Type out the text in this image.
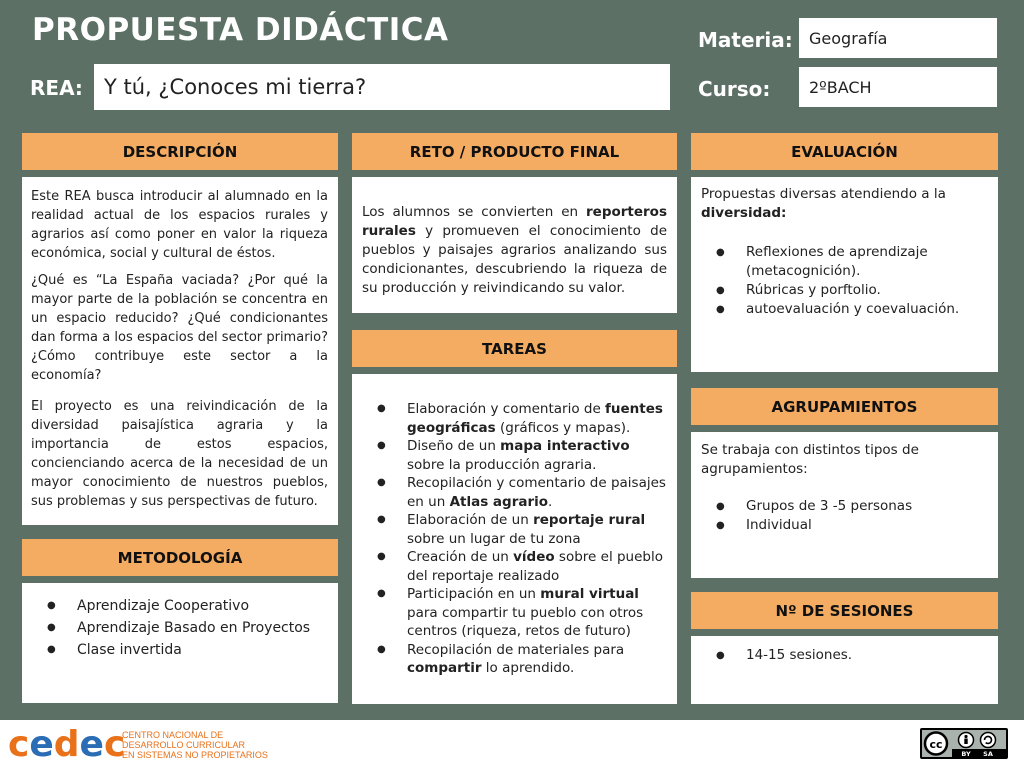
PROPUESTA DIDÁCTICA
REA:	Y tú, ¿Conoces mi tierra?
Materia:	Geografía
Curso:	2ºBACH
DESCRIPCIÓN

Este REA busca introducir al alumnado en la realidad actual de los espacios rurales y agrarios así como poner en valor la riqueza económica, social y cultural de éstos.

¿Qué es “La España vaciada? ¿Por qué la mayor parte de la población se concentra en un espacio reducido? ¿Qué condicionantes dan forma a los espacios del sector primario? ¿Cómo contribuye este sector a la economía?

El proyecto es una reivindicación de la diversidad paisajística agraria y la importancia de estos espacios, concienciando acerca de la necesidad de un mayor conocimiento de nuestros pueblos, sus problemas y sus perspectivas de futuro.

METODOLOGÍA
● Aprendizaje Cooperativo
● Aprendizaje Basado en Proyectos
● Clase invertida
RETO / PRODUCTO FINAL
Los alumnos se convierten en reporteros rurales y promueven el conocimiento de pueblos y paisajes agrarios analizando sus condicionantes, descubriendo la riqueza de su producción y reivindicando su valor.
TAREAS
● Elaboración y comentario de fuentes geográficas (gráficos y mapas).
● Diseño de un mapa interactivo sobre la producción agraria.
● Recopilación y comentario de paisajes en un Atlas agrario.
● Elaboración de un reportaje rural sobre un lugar de tu zona
● Creación de un vídeo sobre el pueblo del reportaje realizado
● Participación en un mural virtual para compartir tu pueblo con otros centros (riqueza, retos de futuro)
● Recopilación de materiales para compartir lo aprendido.
EVALUACIÓN
Propuestas diversas atendiendo a la diversidad:
● Reflexiones de aprendizaje (metacognición).
● Rúbricas y porftolio.
● autoevaluación y coevaluación.
AGRUPAMIENTOS
Se trabaja con distintos tipos de agrupamientos:
● Grupos de 3 -5 personas
● Individual
Nº DE SESIONES
● 14-15 sesiones.
cedec
CENTRO NACIONAL DE
DESARROLLO CURRICULAR
EN SISTEMAS NO PROPIETARIOS
cc
BY SA
